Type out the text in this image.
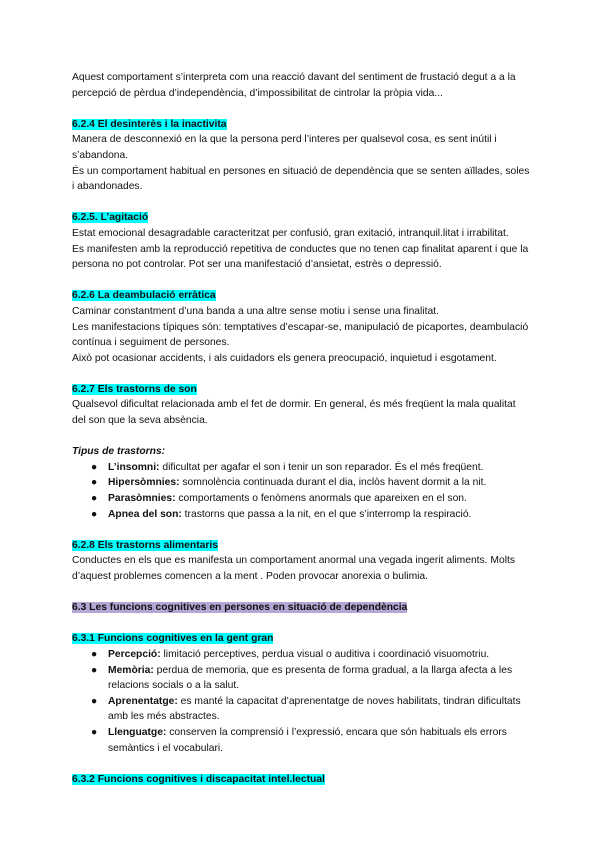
Aquest comportament s’interpreta com una reacció davant del sentiment de frustació degut a a la percepció de pèrdua d’independència, d’impossibilitat de cintrolar la pròpia vida...

6.2.4 El desinterès i la inactivita

Manera de desconnexió en la que la persona perd l’interes per qualsevol cosa, es sent inútil i s’abandona.

És un comportament habitual en persones en situació de dependència que se senten aïllades, soles i abandonades.

6.2.5. L’agitació

Estat emocional desagradable caracteritzat per confusió, gran exitació, intranquil.litat i irrabilitat.

Es manifesten amb la reproducció repetitiva de conductes que no tenen cap finalitat aparent i que la persona no pot controlar. Pot ser una manifestació d’ansietat, estrès o depressió.

6.2.6 La deambulació erràtica

Caminar constantment d’una banda a una altre sense motiu i sense una finalitat.

Les manifestacions típiques són: temptatives d’escapar-se, manipulació de picaportes, deambulació contínua i seguiment de persones.

Això pot ocasionar accidents, i als cuidadors els genera preocupació, inquietud i esgotament.

6.2.7 Els trastorns de son

Qualsevol dificultat relacionada amb el fet de dormir. En general, és més freqüent la mala qualitat del son que la seva absència.

Tipus de trastorns:

● L’insomni: dificultat per agafar el son i tenir un son reparador. És el més freqüent.
● Hipersòmnies: somnolència continuada durant el dia, inclòs havent dormit a la nit.
● Parasòmnies: comportaments o fenòmens anormals que apareixen en el son.
● Apnea del son: trastorns que passa a la nit, en el que s’interromp la respiració.
6.2.8 Els trastorns alimentaris

Conductes en els que es manifesta un comportament anormal una vegada ingerit aliments. Molts d’aquest problemes comencen a la ment . Poden provocar anorexia o bulimia.

6.3 Les funcions cognitives en persones en situació de dependència
6.3.1 Funcions cognitives en la gent gran
● Percepció: limitació perceptives, perdua visual o auditiva i coordinació visuomotriu.
● Memòria: perdua de memoria, que es presenta de forma gradual, a la llarga afecta a les relacions socials o a la salut.
● Aprenentatge: es manté la capacitat d’aprenentatge de noves habilitats, tindran dificultats amb les més abstractes.
● Llenguatge: conserven la comprensió i l’expressió, encara que són habituals els errors semàntics i el vocabulari.
6.3.2 Funcions cognitives i discapacitat intel.lectual
